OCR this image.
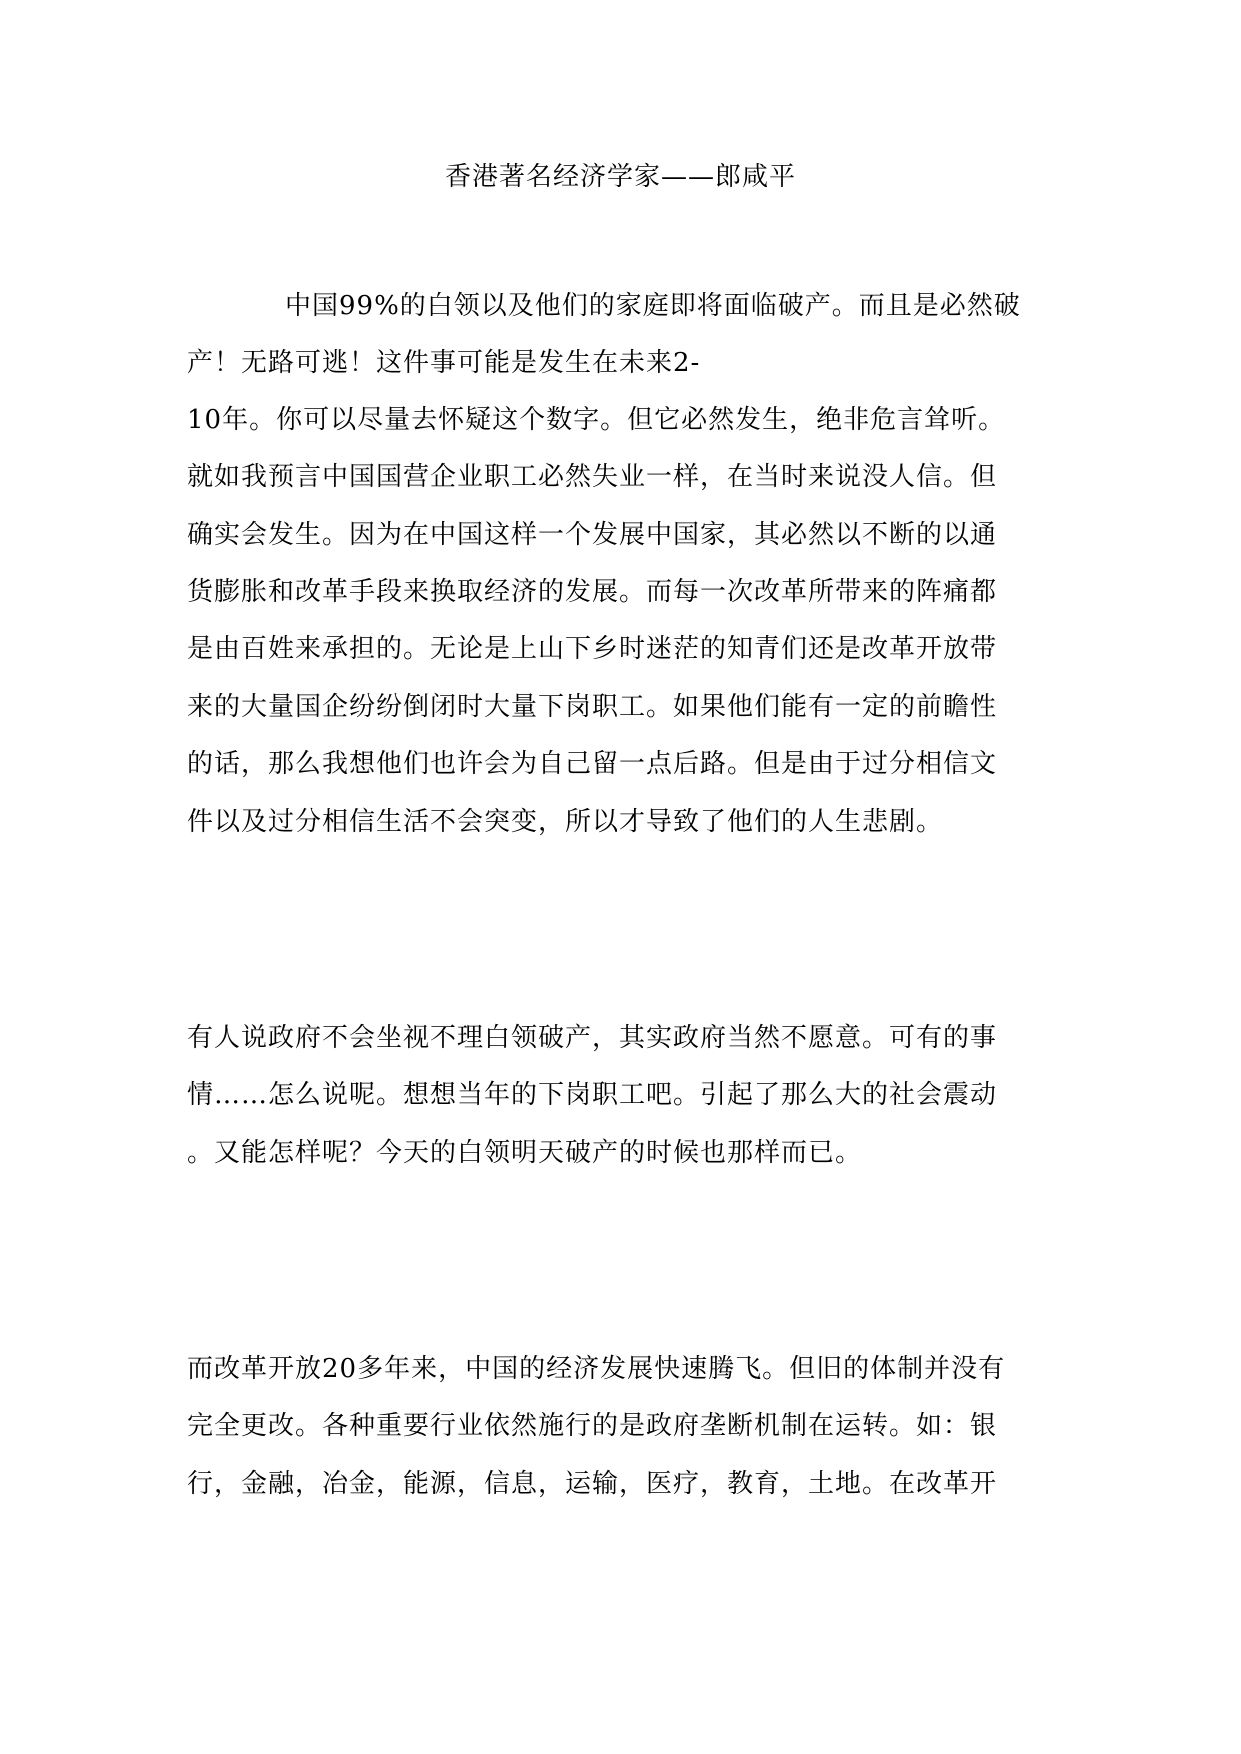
香港著名经济学家——郎咸平
中国99%的白领以及他们的家庭即将面临破产。而且是必然破
产！无路可逃！这件事可能是发生在未来2-
10年。你可以尽量去怀疑这个数字。但它必然发生，绝非危言耸听。
就如我预言中国国营企业职工必然失业一样，在当时来说没人信。但
确实会发生。因为在中国这样一个发展中国家，其必然以不断的以通
货膨胀和改革手段来换取经济的发展。而每一次改革所带来的阵痛都
是由百姓来承担的。无论是上山下乡时迷茫的知青们还是改革开放带
来的大量国企纷纷倒闭时大量下岗职工。如果他们能有一定的前瞻性
的话，那么我想他们也许会为自己留一点后路。但是由于过分相信文
件以及过分相信生活不会突变，所以才导致了他们的人生悲剧。
有人说政府不会坐视不理白领破产，其实政府当然不愿意。可有的事
情……怎么说呢。想想当年的下岗职工吧。引起了那么大的社会震动
。又能怎样呢？今天的白领明天破产的时候也那样而已。
而改革开放20多年来，中国的经济发展快速腾飞。但旧的体制并没有
完全更改。各种重要行业依然施行的是政府垄断机制在运转。如：银
行，金融，冶金，能源，信息，运输，医疗，教育，土地。在改革开
